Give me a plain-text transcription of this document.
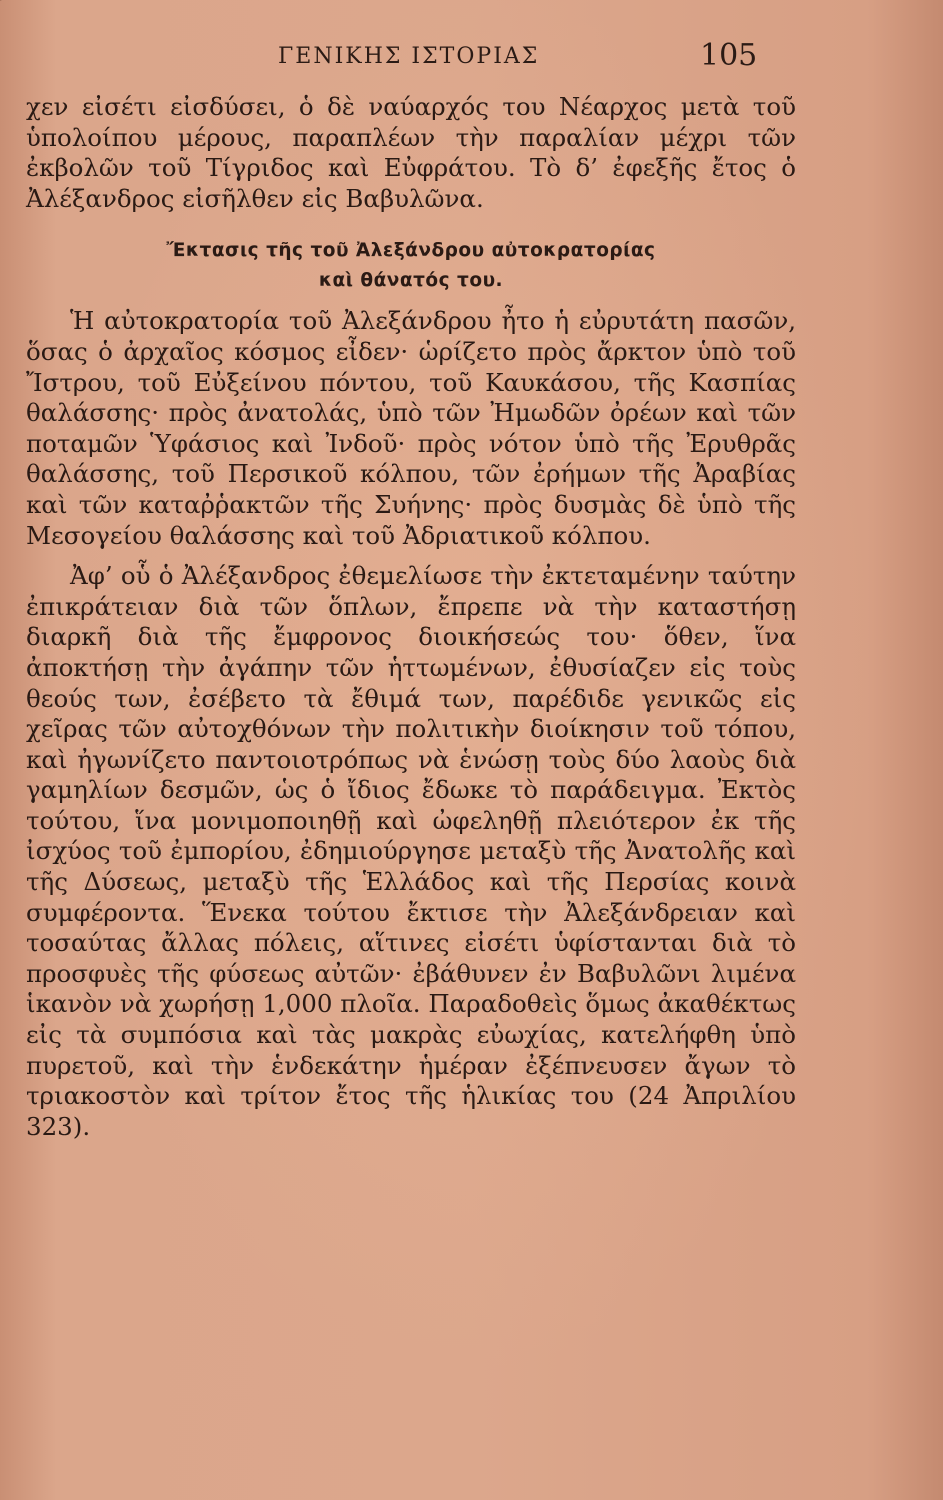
ΓΕΝΙΚΗΣ ΙΣΤΟΡΙΑΣ	105

χεν εἰσέτι εἰσδύσει, ὁ δὲ ναύαρχός του Νέαρχος μετὰ τοῦ ὑπολοίπου μέρους, παραπλέων τὴν παραλίαν μέχρι τῶν ἐκβολῶν τοῦ Τίγριδος καὶ Εὐφράτου. Τὸ δ’ ἐφεξῆς ἔτος ὁ Ἀλέξανδρος εἰσῆλθεν εἰς Βαβυλῶνα.

Ἔκτασις τῆς τοῦ Ἀλεξάνδρου αὐτοκρατορίας
καὶ θάνατός του.

Ἡ αὐτοκρατορία τοῦ Ἀλεξάνδρου ἦτο ἡ εὐρυτάτη πασῶν, ὅσας ὁ ἀρχαῖος κόσμος εἶδεν· ὡρίζετο πρὸς ἄρκτον ὑπὸ τοῦ Ἴστρου, τοῦ Εὐξείνου πόντου, τοῦ Καυκάσου, τῆς Κασπίας θαλάσσης· πρὸς ἀνατολάς, ὑπὸ τῶν Ἠμωδῶν ὀρέων καὶ τῶν ποταμῶν Ὑφάσιος καὶ Ἰνδοῦ· πρὸς νότον ὑπὸ τῆς Ἐρυθρᾶς θαλάσσης, τοῦ Περσικοῦ κόλπου, τῶν ἐρήμων τῆς Ἀραβίας καὶ τῶν καταῤῥακτῶν τῆς Συήνης· πρὸς δυσμὰς δὲ ὑπὸ τῆς Μεσογείου θαλάσσης καὶ τοῦ Ἀδριατικοῦ κόλπου.

Ἀφ’ οὗ ὁ Ἀλέξανδρος ἐθεμελίωσε τὴν ἐκτεταμένην ταύτην ἐπικράτειαν διὰ τῶν ὅπλων, ἔπρεπε νὰ τὴν καταστήσῃ διαρκῆ διὰ τῆς ἔμφρονος διοικήσεώς του· ὅθεν, ἵνα ἀποκτήσῃ τὴν ἀγάπην τῶν ἡττωμένων, ἐθυσίαζεν εἰς τοὺς θεούς των, ἐσέβετο τὰ ἔθιμά των, παρέδιδε γενικῶς εἰς χεῖρας τῶν αὐτοχθόνων τὴν πολιτικὴν διοίκησιν τοῦ τόπου, καὶ ἠγωνίζετο παντοιοτρόπως νὰ ἑνώσῃ τοὺς δύο λαοὺς διὰ γαμηλίων δεσμῶν, ὡς ὁ ἴδιος ἔδωκε τὸ παράδειγμα. Ἐκτὸς τούτου, ἵνα μονιμοποιηθῇ καὶ ὠφεληθῇ πλειότερον ἐκ τῆς ἰσχύος τοῦ ἐμπορίου, ἐδημιούργησε μεταξὺ τῆς Ἀνατολῆς καὶ τῆς Δύσεως, μεταξὺ τῆς Ἑλλάδος καὶ τῆς Περσίας κοινὰ συμφέροντα. Ἕνεκα τούτου ἔκτισε τὴν Ἀλεξάνδρειαν καὶ τοσαύτας ἄλλας πόλεις, αἵτινες εἰσέτι ὑφίστανται διὰ τὸ προσφυὲς τῆς φύσεως αὐτῶν· ἐβάθυνεν ἐν Βαβυλῶνι λιμένα ἱκανὸν νὰ χωρήσῃ 1,000 πλοῖα. Παραδοθεὶς ὅμως ἀκαθέκτως εἰς τὰ συμπόσια καὶ τὰς μακρὰς εὐωχίας, κατελήφθη ὑπὸ πυρετοῦ, καὶ τὴν ἑνδεκάτην ἡμέραν ἐξέπνευσεν ἄγων τὸ τριακοστὸν καὶ τρίτον ἔτος τῆς ἡλικίας του (24 Ἀπριλίου 323).
